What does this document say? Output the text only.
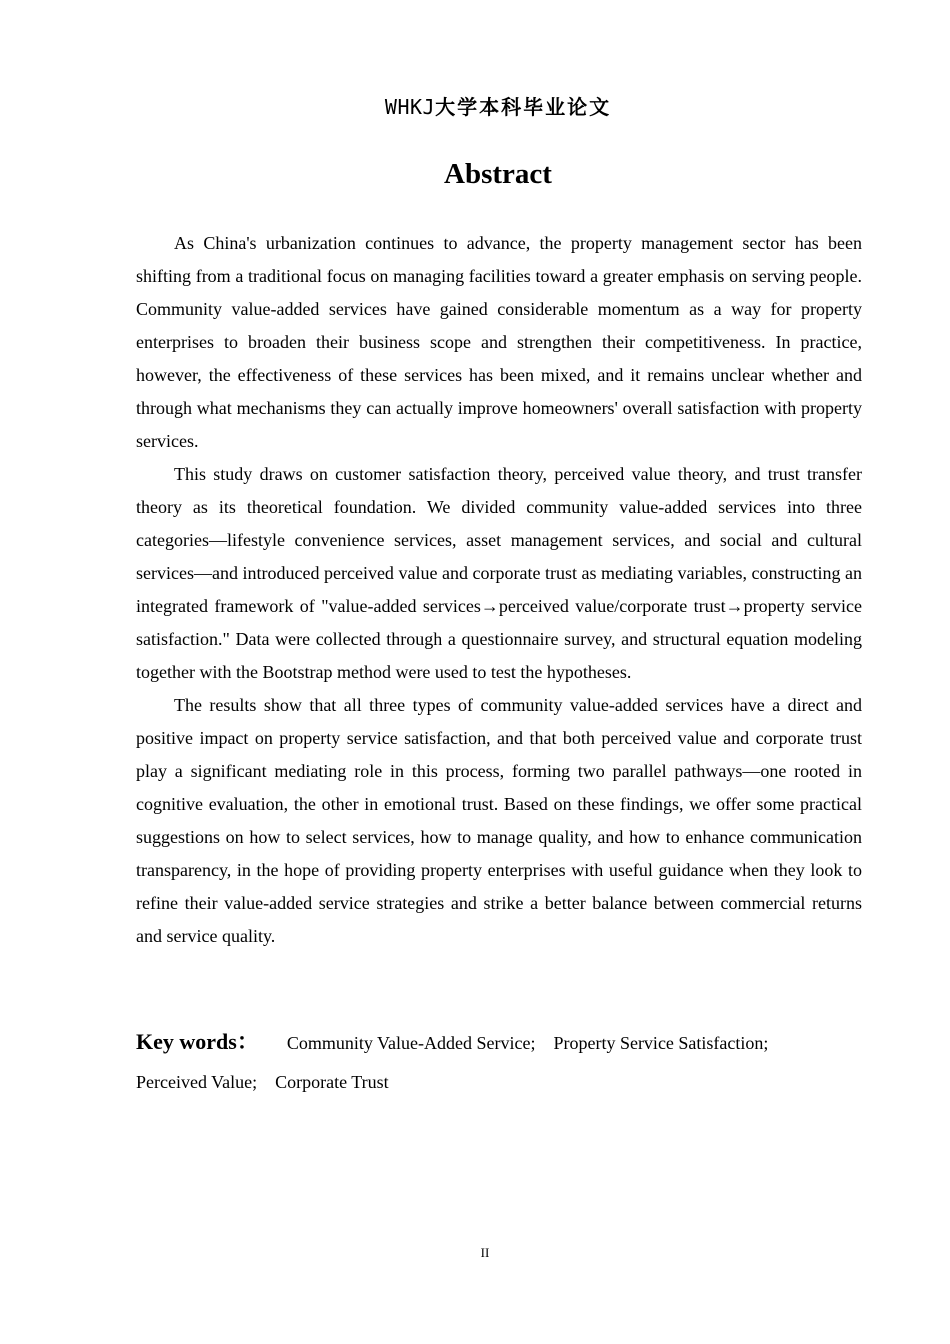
WHKJ大学本科毕业论文
Abstract

As China's urbanization continues to advance, the property management sector has been shifting from a traditional focus on managing facilities toward a greater emphasis on serving people. Community value-added services have gained considerable momentum as a way for property enterprises to broaden their business scope and strengthen their competitiveness. In practice, however, the effectiveness of these services has been mixed, and it remains unclear whether and through what mechanisms they can actually improve homeowners' overall satisfaction with property services.

This study draws on customer satisfaction theory, perceived value theory, and trust transfer theory as its theoretical foundation. We divided community value-added services into three categories—lifestyle convenience services, asset management services, and social and cultural services—and introduced perceived value and corporate trust as mediating variables, constructing an integrated framework of "value-added services→perceived value/corporate trust→property service satisfaction." Data were collected through a questionnaire survey, and structural equation modeling together with the Bootstrap method were used to test the hypotheses.

The results show that all three types of community value-added services have a direct and positive impact on property service satisfaction, and that both perceived value and corporate trust play a significant mediating role in this process, forming two parallel pathways—one rooted in cognitive evaluation, the other in emotional trust. Based on these findings, we offer some practical suggestions on how to select services, how to manage quality, and how to enhance communication transparency, in the hope of providing property enterprises with useful guidance when they look to refine their value-added service strategies and strike a better balance between commercial returns and service quality.

Key words： Community Value-Added Service; Property Service Satisfaction;
Perceived Value; Corporate Trust
II
